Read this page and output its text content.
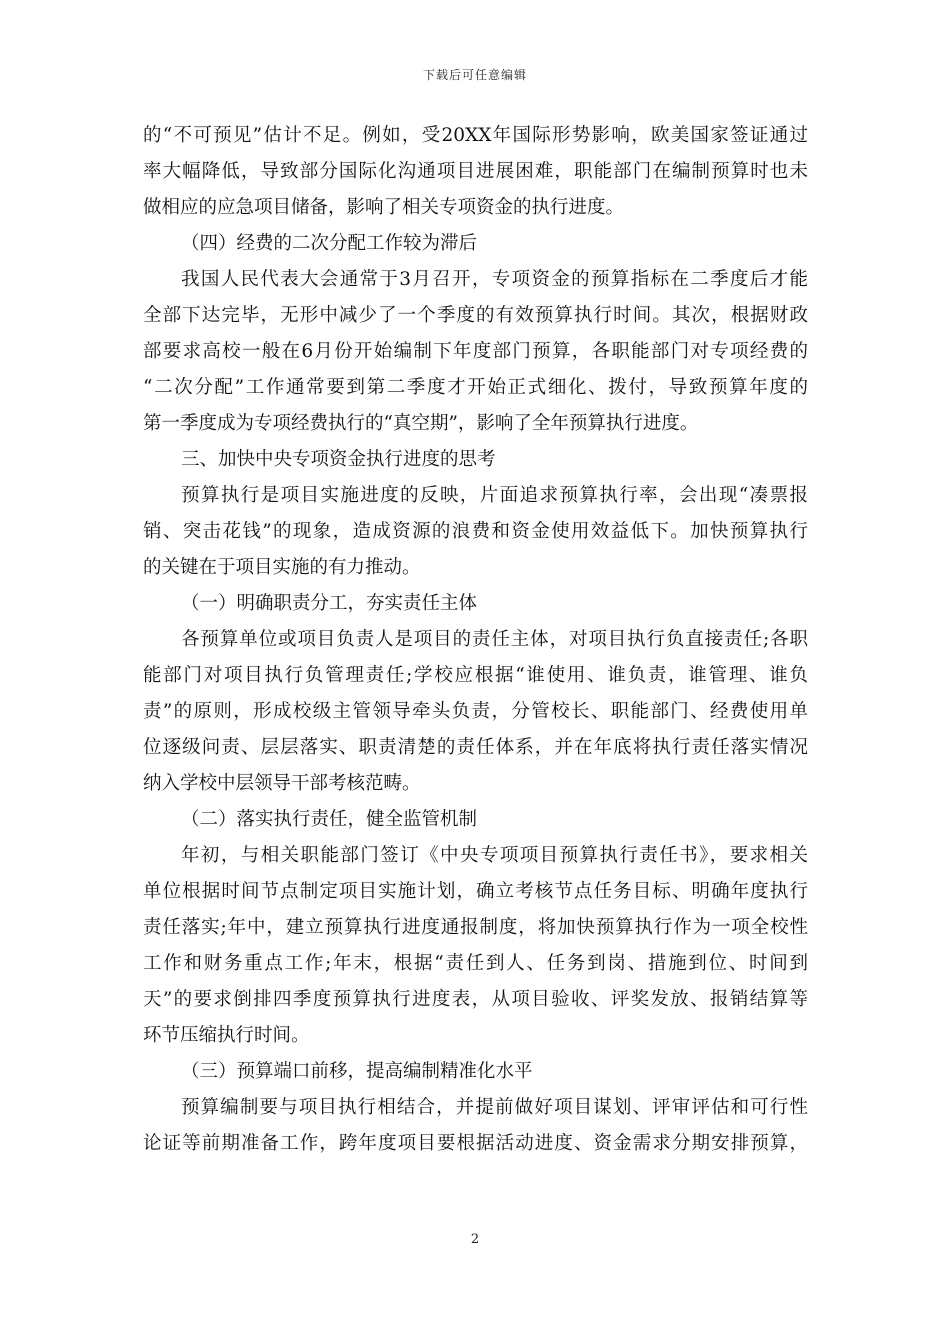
下载后可任意编辑
的“不可预见”估计不足。例如，受20XX年国际形势影响，欧美国家签证通过
率大幅降低，导致部分国际化沟通项目进展困难，职能部门在编制预算时也未
做相应的应急项目储备，影响了相关专项资金的执行进度。
（四）经费的二次分配工作较为滞后
我国人民代表大会通常于3月召开，专项资金的预算指标在二季度后才能
全部下达完毕，无形中减少了一个季度的有效预算执行时间。其次，根据财政
部要求高校一般在6月份开始编制下年度部门预算，各职能部门对专项经费的
“二次分配”工作通常要到第二季度才开始正式细化、拨付，导致预算年度的
第一季度成为专项经费执行的“真空期”，影响了全年预算执行进度。
三、加快中央专项资金执行进度的思考
预算执行是项目实施进度的反映，片面追求预算执行率，会出现“凑票报
销、突击花钱”的现象，造成资源的浪费和资金使用效益低下。加快预算执行
的关键在于项目实施的有力推动。
（一）明确职责分工，夯实责任主体
各预算单位或项目负责人是项目的责任主体，对项目执行负直接责任;各职
能部门对项目执行负管理责任;学校应根据“谁使用、谁负责，谁管理、谁负
责”的原则，形成校级主管领导牵头负责，分管校长、职能部门、经费使用单
位逐级问责、层层落实、职责清楚的责任体系，并在年底将执行责任落实情况
纳入学校中层领导干部考核范畴。
（二）落实执行责任，健全监管机制
年初，与相关职能部门签订《中央专项项目预算执行责任书》，要求相关
单位根据时间节点制定项目实施计划，确立考核节点任务目标、明确年度执行
责任落实;年中，建立预算执行进度通报制度，将加快预算执行作为一项全校性
工作和财务重点工作;年末，根据“责任到人、任务到岗、措施到位、时间到
天”的要求倒排四季度预算执行进度表，从项目验收、评奖发放、报销结算等
环节压缩执行时间。
（三）预算端口前移，提高编制精准化水平
预算编制要与项目执行相结合，并提前做好项目谋划、评审评估和可行性
论证等前期准备工作，跨年度项目要根据活动进度、资金需求分期安排预算，
2
